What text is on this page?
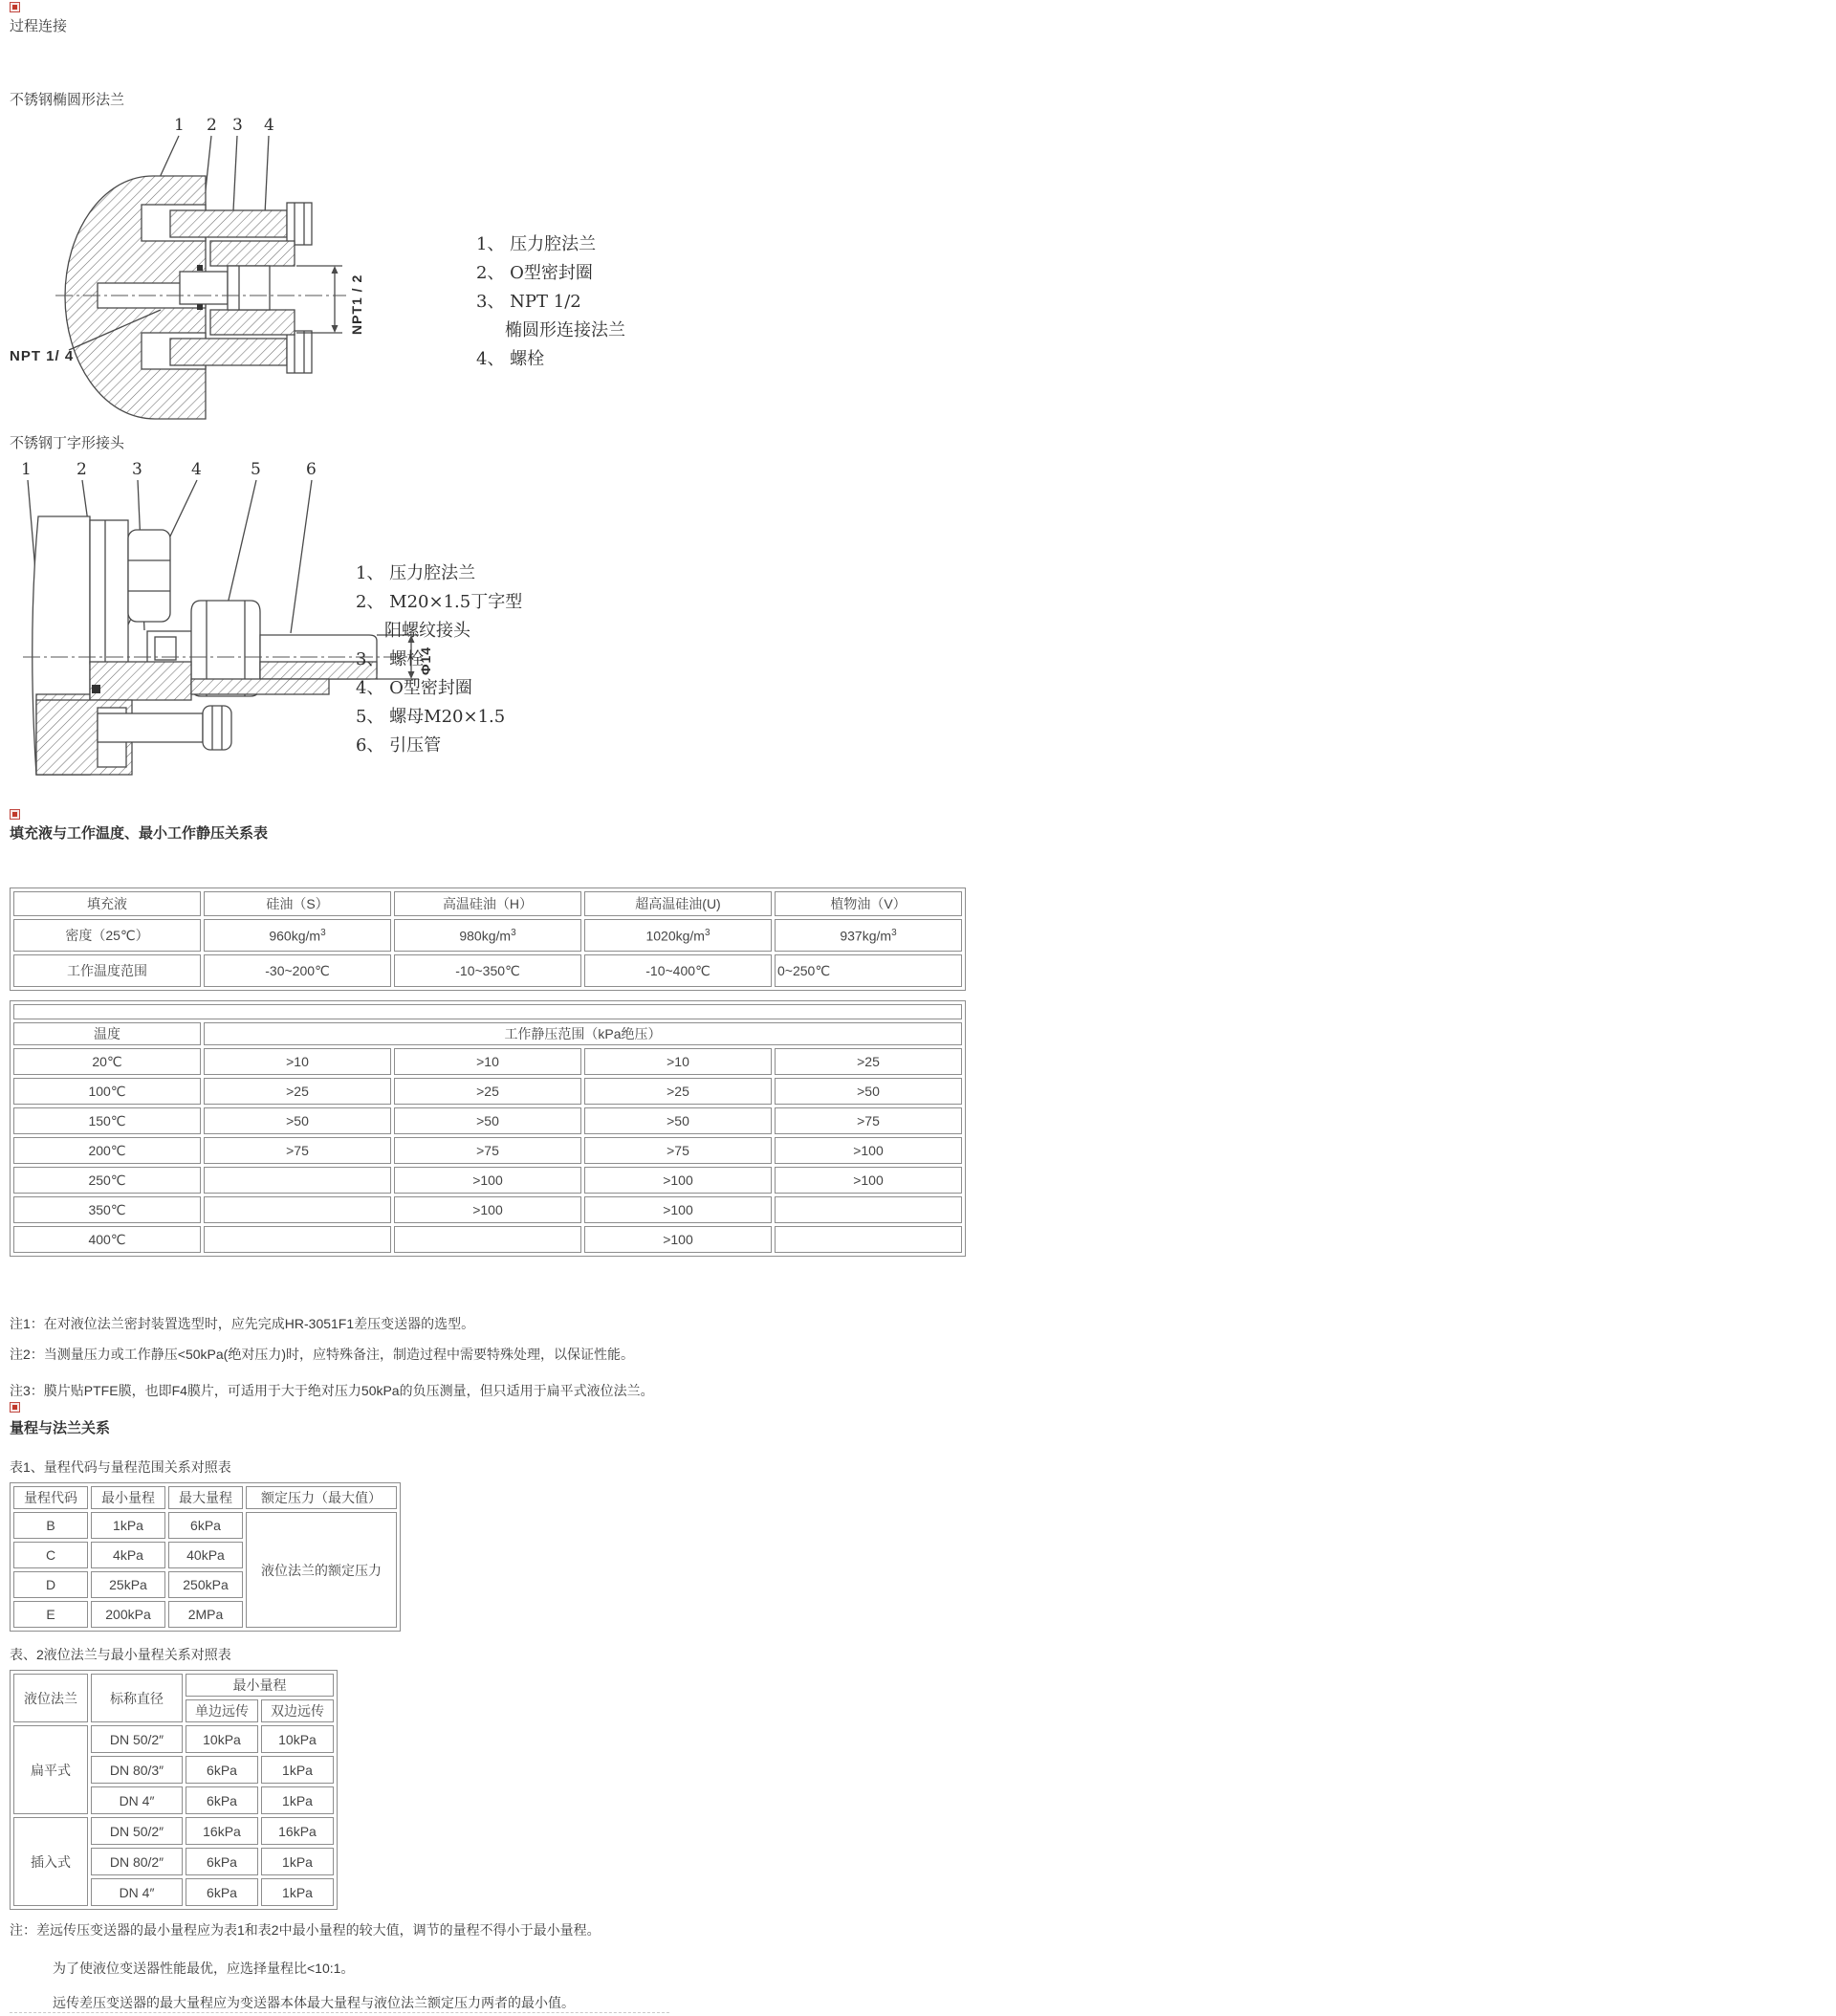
过程连接
不锈钢椭圆形法兰
1 2 3 4
NPT1 / 2
NPT 1/ 4
1、 压力腔法兰
2、 O型密封圈
3、 NPT 1/2
椭圆形连接法兰
4、 螺栓
不锈钢丁字形接头
1	2	3	4	5	6
Φ14
1、 压力腔法兰
2、 M20×1.5丁字型
阳螺纹接头
3、 螺栓
4、 O型密封圈
5、 螺母M20×1.5
6、 引压管
填充液与工作温度、最小工作静压关系表
填充液	硅油（S）	高温硅油（H）	超高温硅油(U)	植物油（V）
密度（25℃）	$960kg/m^3$	$980kg/m^3$	$1020kg/m^3$	$937kg/m^3$
工作温度范围	-30~200℃	-10~350℃	-10~400℃	0~250℃

温度	工作静压范围（kPa绝压）			
20℃	>10	>10	>10	>25
100℃	>25	>25	>25	>50
150℃	>50	>50	>50	>75
200℃	>75	>75	>75	>100
250℃		>100	>100	>100
350℃		>100	>100	
400℃			>100	
注1：在对液位法兰密封装置选型时，应先完成HR-3051F1差压变送器的选型。
注2：当测量压力或工作静压<50kPa(绝对压力)时，应特殊备注，制造过程中需要特殊处理，以保证性能。
注3：膜片贴PTFE膜，也即F4膜片，可适用于大于绝对压力50kPa的负压测量，但只适用于扁平式液位法兰。
量程与法兰关系
表1、量程代码与量程范围关系对照表
量程代码	最小量程	最大量程	额定压力（最大值）
B	1kPa	6kPa	液位法兰的额定压力
C	4kPa	40kPa	
D	25kPa	250kPa	
E	200kPa	2MPa	
表、2液位法兰与最小量程关系对照表
液位法兰	标称直径	最小量程	
		单边远传	双边远传
扁平式	DN 50/2″	10kPa	10kPa
	DN 80/3″	6kPa	1kPa
	DN 4″	6kPa	1kPa
插入式	DN 50/2″	16kPa	16kPa
	DN 80/2″	6kPa	1kPa
	DN 4″	6kPa	1kPa
注：差远传压变送器的最小量程应为表1和表2中最小量程的较大值，调节的量程不得小于最小量程。
为了使液位变送器性能最优，应选择量程比<10:1。
远传差压变送器的最大量程应为变送器本体最大量程与液位法兰额定压力两者的最小值。
